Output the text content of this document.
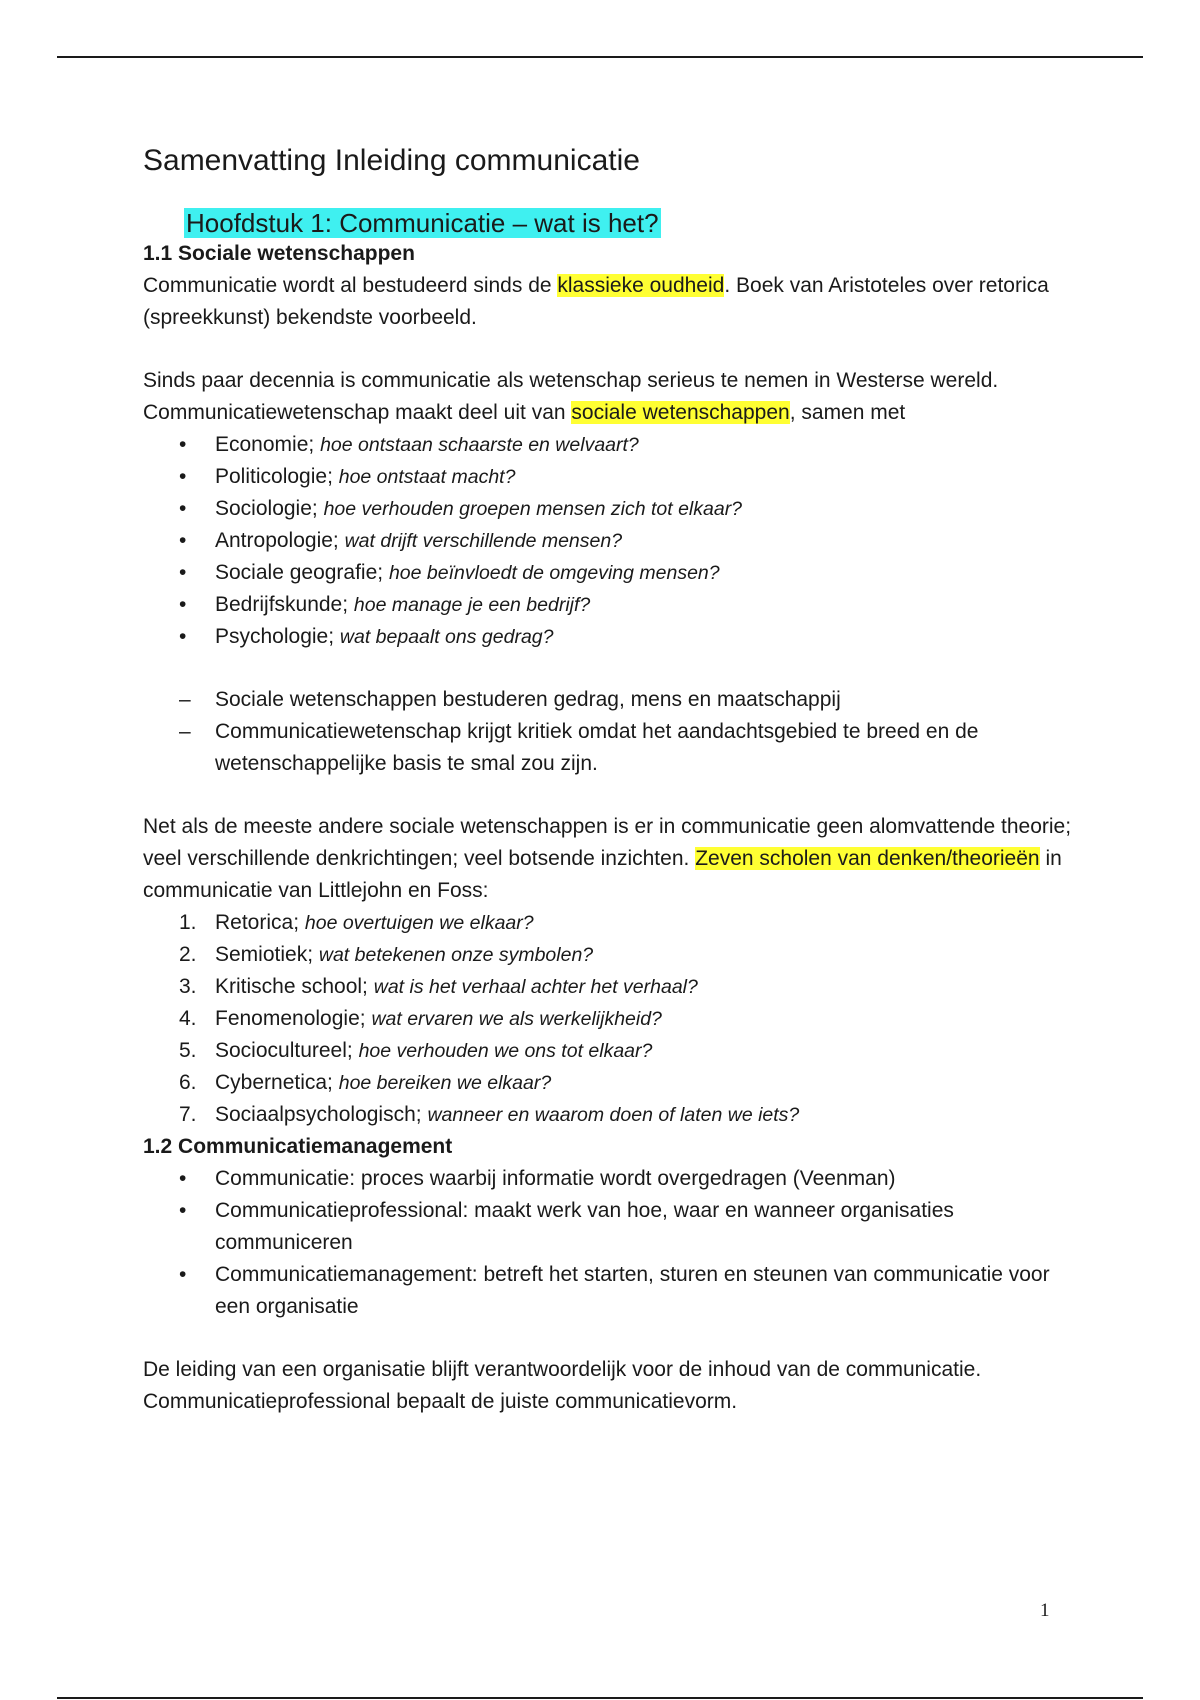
Samenvatting Inleiding communicatie
Hoofdstuk 1: Communicatie – wat is het?
1.1 Sociale wetenschappen

Communicatie wordt al bestudeerd sinds de klassieke oudheid. Boek van Aristoteles over retorica (spreekkunst) bekendste voorbeeld.

Sinds paar decennia is communicatie als wetenschap serieus te nemen in Westerse wereld. Communicatiewetenschap maakt deel uit van sociale wetenschappen, samen met

• Economie; hoe ontstaan schaarste en welvaart?
• Politicologie; hoe ontstaat macht?
• Sociologie; hoe verhouden groepen mensen zich tot elkaar?
• Antropologie; wat drijft verschillende mensen?
• Sociale geografie; hoe beïnvloedt de omgeving mensen?
• Bedrijfskunde; hoe manage je een bedrijf?
• Psychologie; wat bepaalt ons gedrag?
– Sociale wetenschappen bestuderen gedrag, mens en maatschappij
– Communicatiewetenschap krijgt kritiek omdat het aandachtsgebied te breed en de wetenschappelijke basis te smal zou zijn.

Net als de meeste andere sociale wetenschappen is er in communicatie geen alomvattende theorie; veel verschillende denkrichtingen; veel botsende inzichten. Zeven scholen van denken/theorieën in communicatie van Littlejohn en Foss:

1. Retorica; hoe overtuigen we elkaar?
2. Semiotiek; wat betekenen onze symbolen?
3. Kritische school; wat is het verhaal achter het verhaal?
4. Fenomenologie; wat ervaren we als werkelijkheid?
5. Sociocultureel; hoe verhouden we ons tot elkaar?
6. Cybernetica; hoe bereiken we elkaar?
7. Sociaalpsychologisch; wanneer en waarom doen of laten we iets?
1.2 Communicatiemanagement
• Communicatie: proces waarbij informatie wordt overgedragen (Veenman)
• Communicatieprofessional: maakt werk van hoe, waar en wanneer organisaties communiceren
• Communicatiemanagement: betreft het starten, sturen en steunen van communicatie voor een organisatie

De leiding van een organisatie blijft verantwoordelijk voor de inhoud van de communicatie. Communicatieprofessional bepaalt de juiste communicatievorm.

1
